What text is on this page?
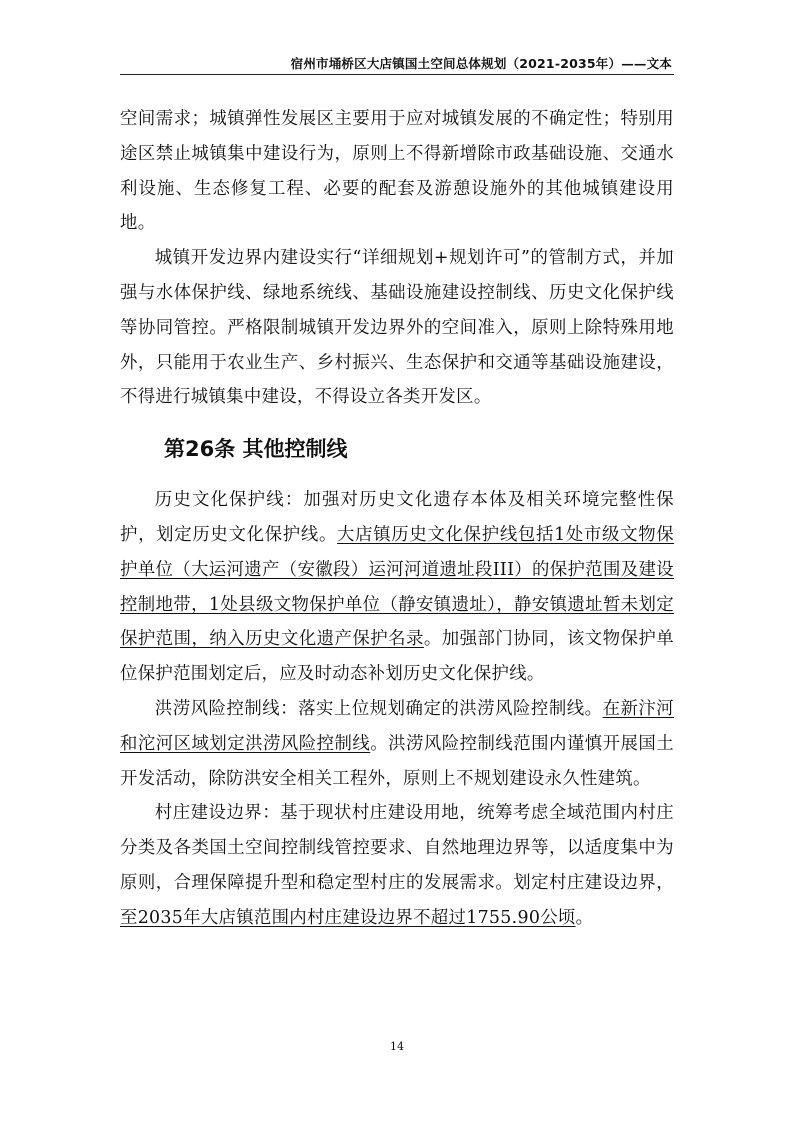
宿州市埇桥区大店镇国土空间总体规划（2021-2035年）——文本

空间需求；城镇弹性发展区主要用于应对城镇发展的不确定性；特别用途区禁止城镇集中建设行为，原则上不得新增除市政基础设施、交通水利设施、生态修复工程、必要的配套及游憩设施外的其他城镇建设用地。

城镇开发边界内建设实行“详细规划+规划许可”的管制方式，并加强与水体保护线、绿地系统线、基础设施建设控制线、历史文化保护线等协同管控。严格限制城镇开发边界外的空间准入，原则上除特殊用地外，只能用于农业生产、乡村振兴、生态保护和交通等基础设施建设，不得进行城镇集中建设，不得设立各类开发区。

第26条 其他控制线

历史文化保护线：加强对历史文化遗存本体及相关环境完整性保护，划定历史文化保护线。大店镇历史文化保护线包括1处市级文物保护单位（大运河遗产（安徽段）运河河道遗址段III）的保护范围及建设控制地带，1处县级文物保护单位（静安镇遗址），静安镇遗址暂未划定保护范围，纳入历史文化遗产保护名录。加强部门协同，该文物保护单位保护范围划定后，应及时动态补划历史文化保护线。

洪涝风险控制线：落实上位规划确定的洪涝风险控制线。在新汴河和沱河区域划定洪涝风险控制线。洪涝风险控制线范围内谨慎开展国土开发活动，除防洪安全相关工程外，原则上不规划建设永久性建筑。

村庄建设边界：基于现状村庄建设用地，统筹考虑全域范围内村庄分类及各类国土空间控制线管控要求、自然地理边界等，以适度集中为原则，合理保障提升型和稳定型村庄的发展需求。划定村庄建设边界，至2035年大店镇范围内村庄建设边界不超过1755.90公顷。

14
